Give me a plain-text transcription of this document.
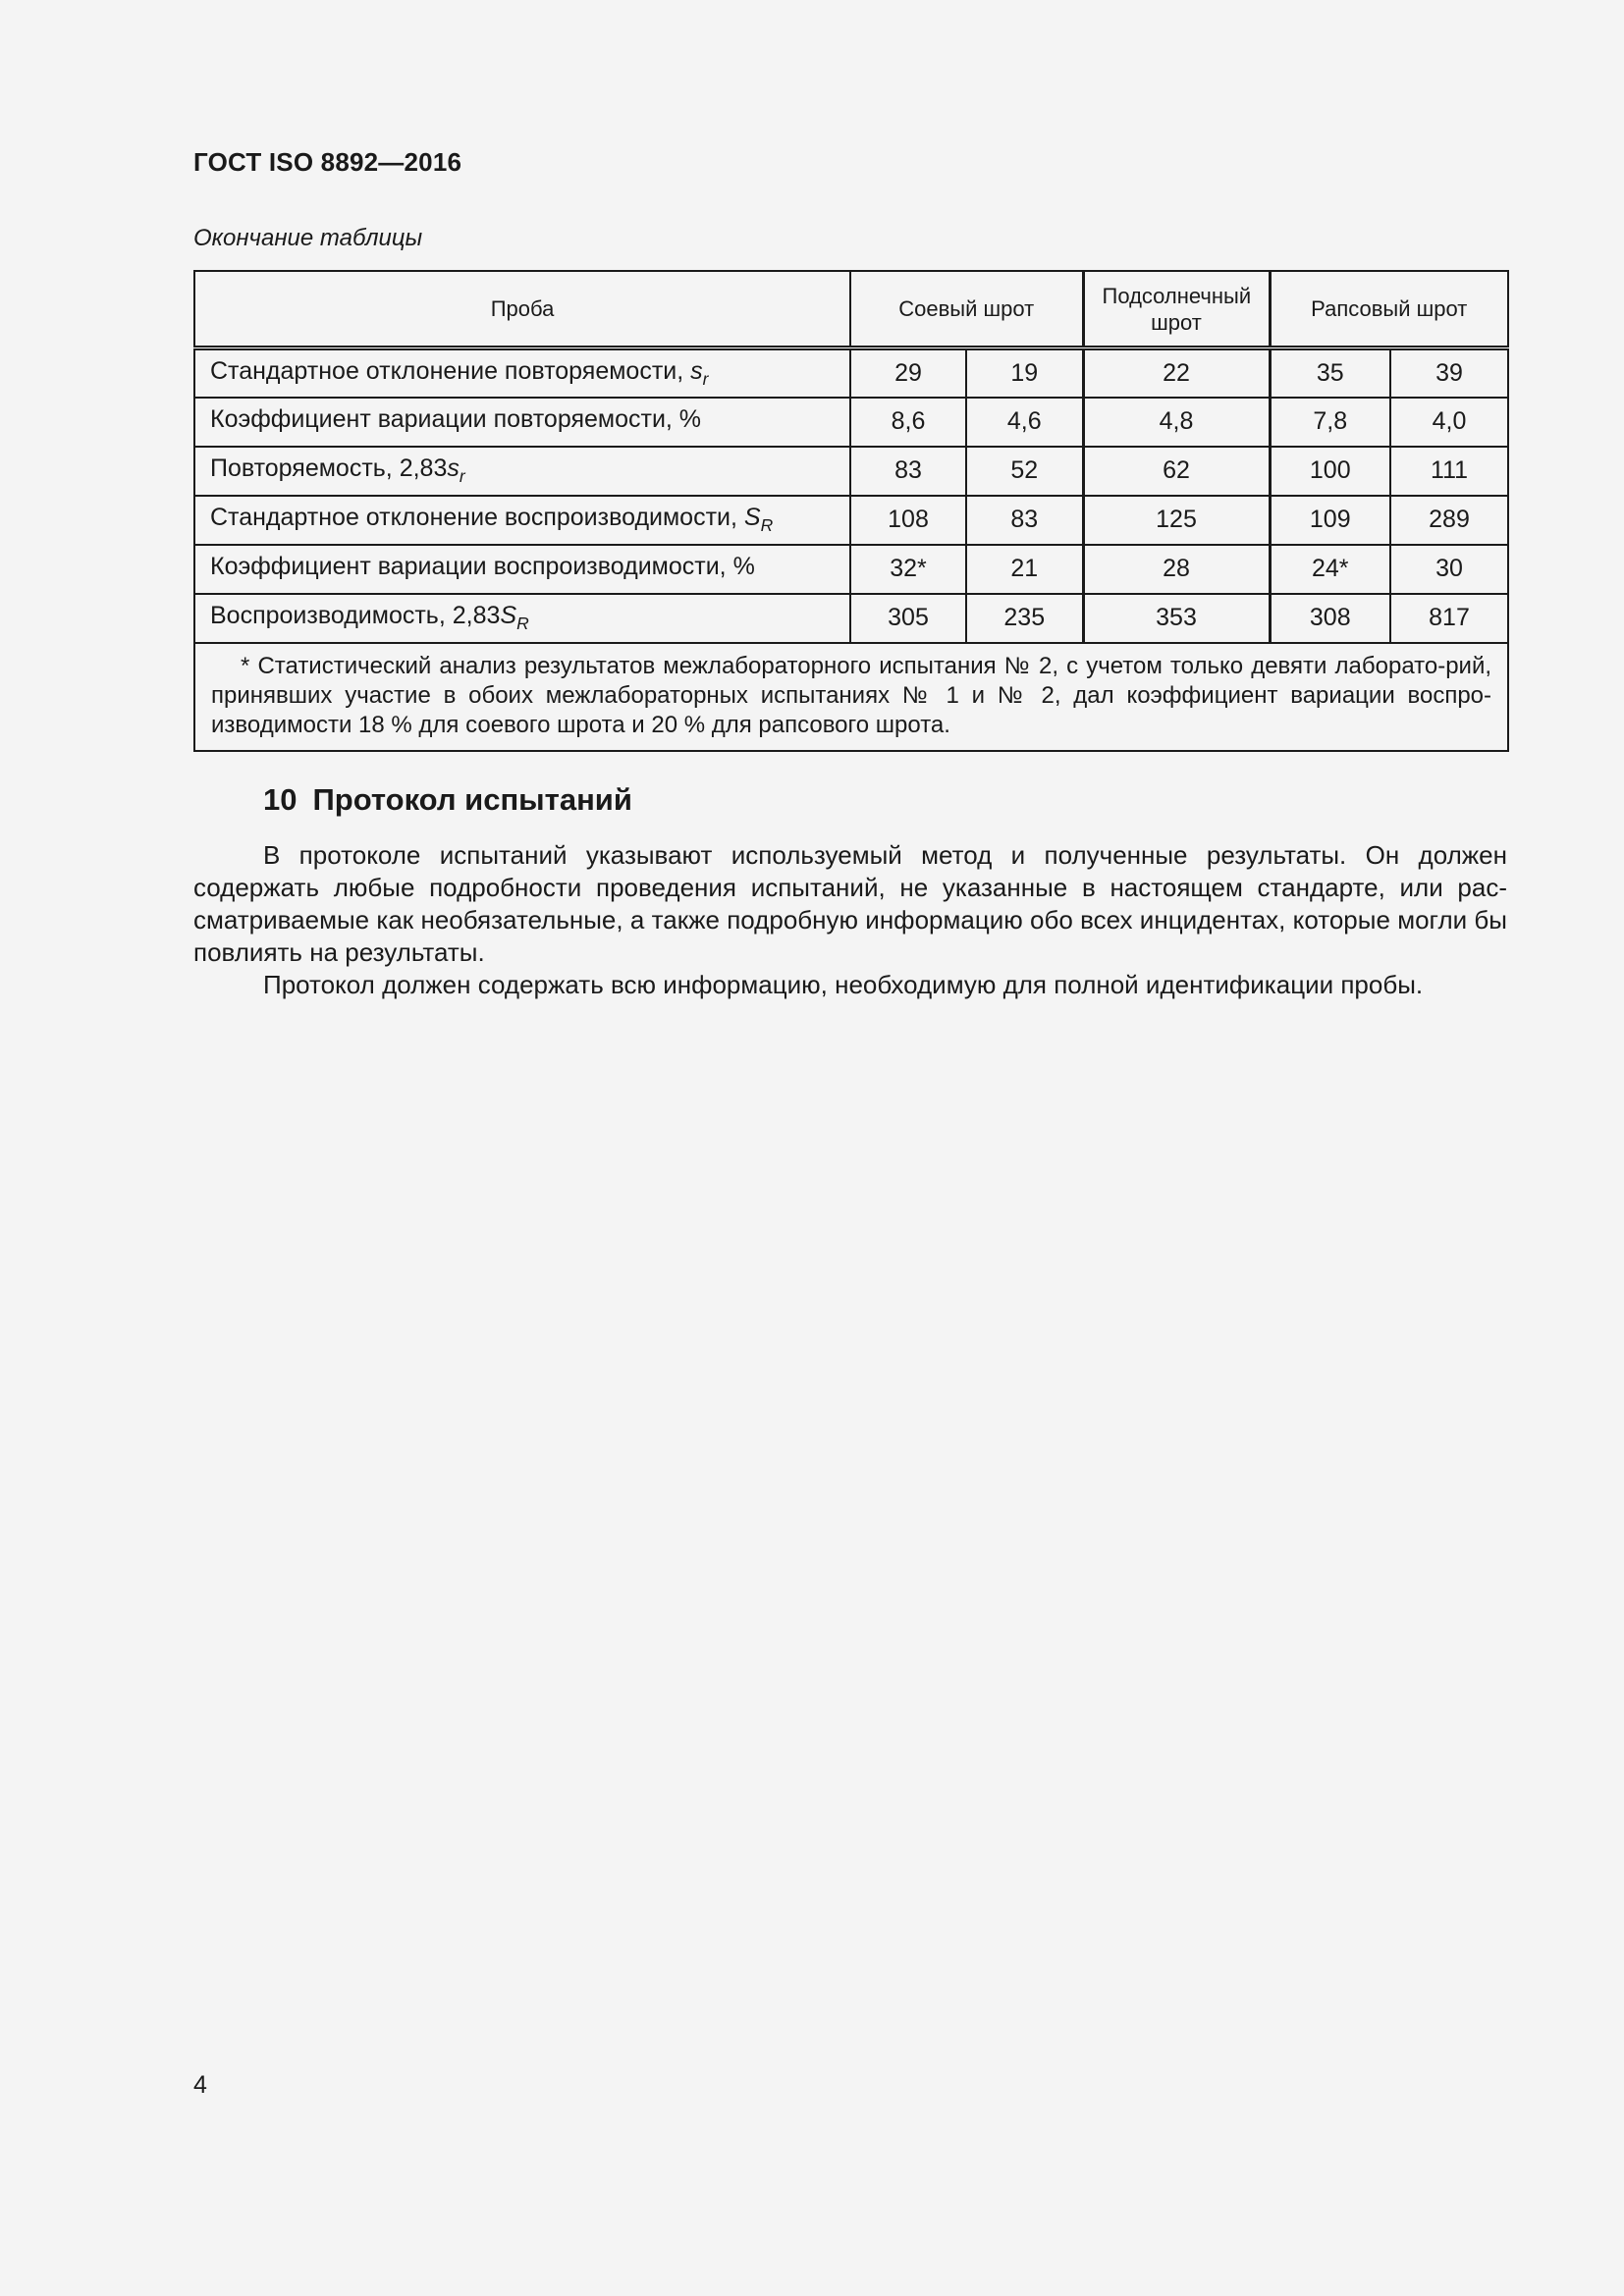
ГОСТ ISO 8892—2016
Окончание таблицы
Проба	Соевый шрот		Подсолнечный шрот	Рапсовый шрот	
Стандартное отклонение повторяемости, $s_r$	29	19	22	35	39
Коэффициент вариации повторяемости, %	8,6	4,6	4,8	7,8	4,0
Повторяемость, $2,83s_r$	83	52	62	100	111
Стандартное отклонение воспроизводимости, $S_R$	108	83	125	109	289
Коэффициент вариации воспроизводимости, %	32*	21	28	24*	30
Воспроизводимость, $2,83S_R$	305	235	353	308	817

* Статистический анализ результатов межлабораторного испытания № 2, с учетом только девяти лаборато-рий, принявших участие в обоих межлабораторных испытаниях № 1 и № 2, дал коэффициент вариации воспро-изводимости 18 % для соевого шрота и 20 % для рапсового шрота.					
10 Протокол испытаний

В протоколе испытаний указывают используемый метод и полученные результаты. Он должен содержать любые подробности проведения испытаний, не указанные в настоящем стандарте, или рас-сматриваемые как необязательные, а также подробную информацию обо всех инцидентах, которые могли бы повлиять на результаты.

Протокол должен содержать всю информацию, необходимую для полной идентификации пробы.

4
